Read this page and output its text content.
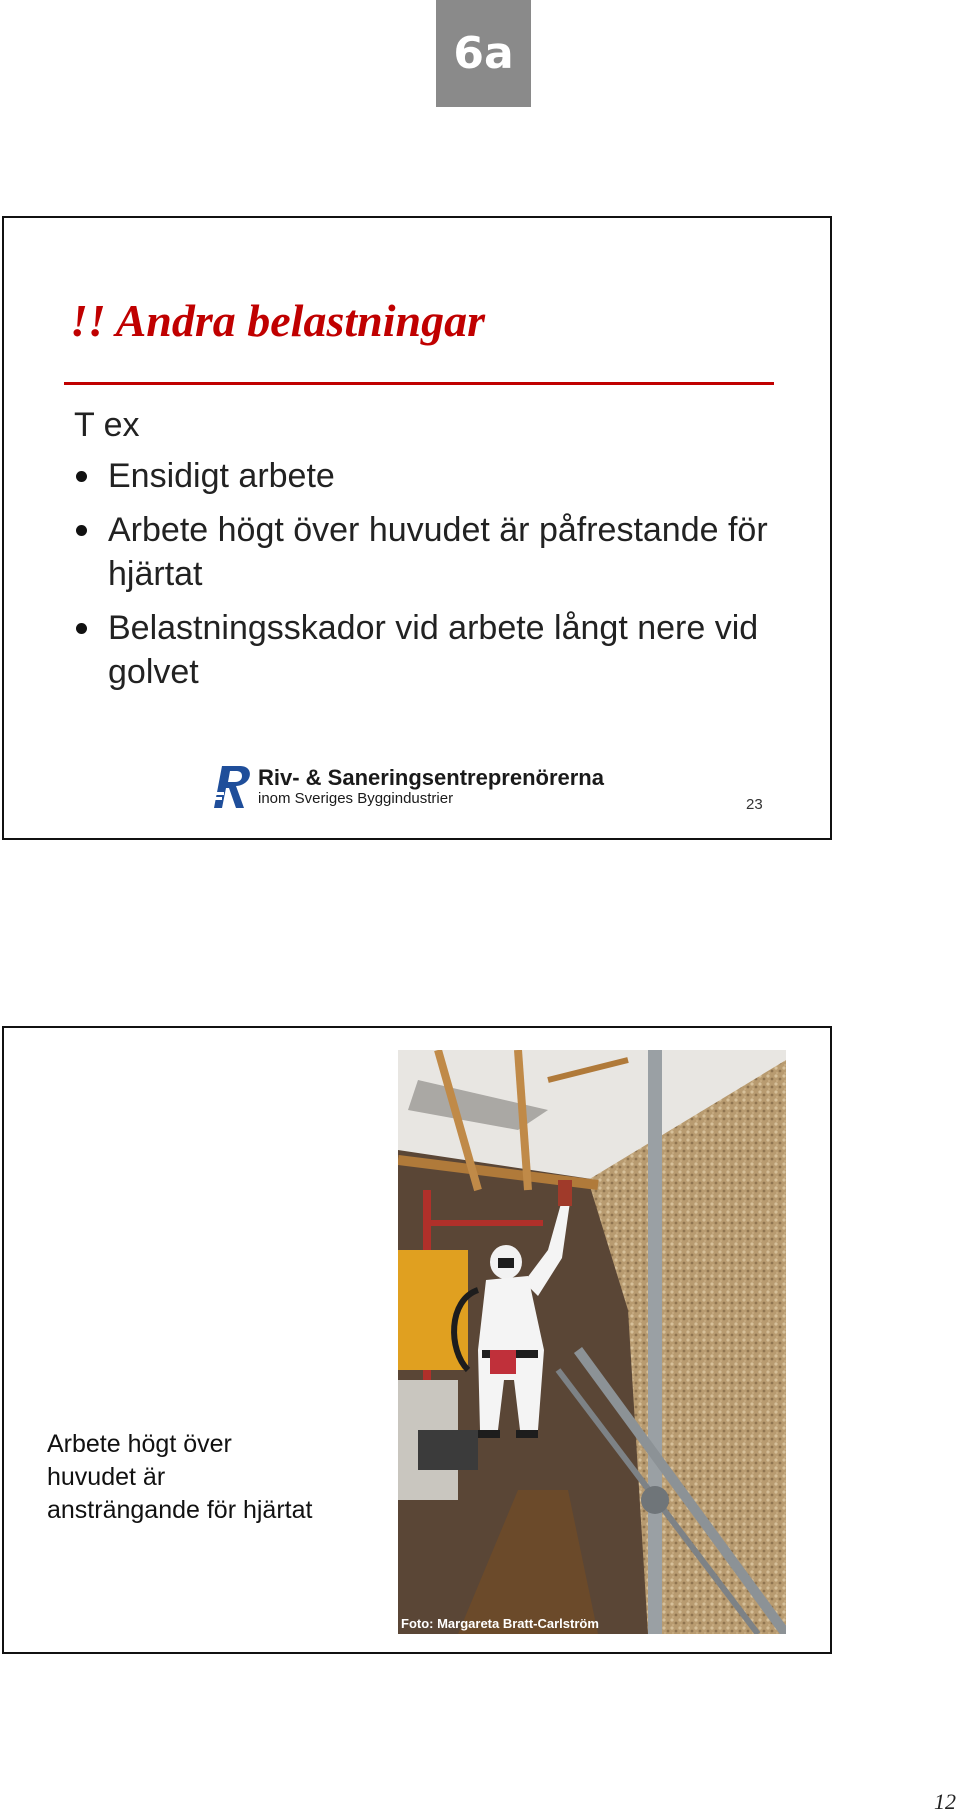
6a
!! Andra belastningar
T ex
Ensidigt arbete
Arbete högt över huvudet är påfrestande för hjärtat
Belastningsskador vid arbete långt nere vid golvet
Riv- & Saneringsentreprenörerna
inom Sveriges Byggindustrier	23

Arbete högt över
huvudet är
ansträngande för hjärtat

Foto: Margareta Bratt-Carlström
12
